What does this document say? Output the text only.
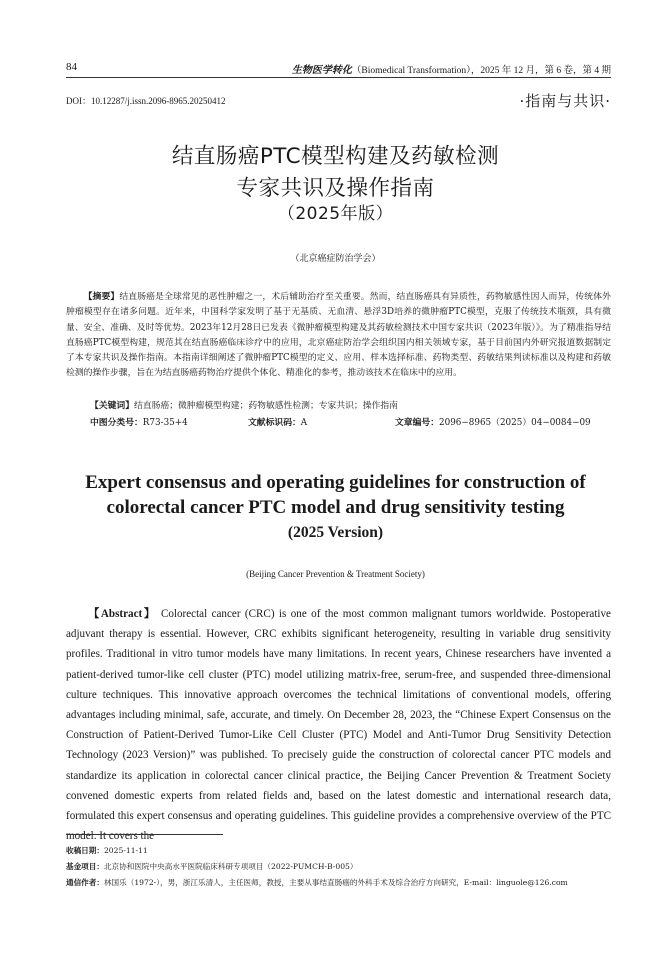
84	生物医学转化（Biomedical Transformation），2025 年 12 月，第 6 卷，第 4 期
DOI：10.12287/j.issn.2096-8965.20250412	·指南与共识·
结直肠癌PTC模型构建及药敏检测
专家共识及操作指南
（2025年版）
（北京癌症防治学会）
【摘要】结直肠癌是全球常见的恶性肿瘤之一，术后辅助治疗至关重要。然而，结直肠癌具有异质性，药物敏感性因人而异，传统体外肿瘤模型存在诸多问题。近年来，中国科学家发明了基于无基质、无血清、悬浮3D培养的微肿瘤PTC模型，克服了传统技术瓶颈，具有微量、安全、准确、及时等优势。2023年12月28日已发表《微肿瘤模型构建及其药敏检测技术中国专家共识（2023年版）》。为了精准指导结直肠癌PTC模型构建，规范其在结直肠癌临床诊疗中的应用，北京癌症防治学会组织国内相关领域专家，基于目前国内外研究报道数据制定了本专家共识及操作指南。本指南详细阐述了微肿瘤PTC模型的定义、应用、样本选择标准、药物类型、药敏结果判读标准以及构建和药敏检测的操作步骤，旨在为结直肠癌药物治疗提供个体化、精准化的参考，推动该技术在临床中的应用。
【关键词】结直肠癌；微肿瘤模型构建；药物敏感性检测；专家共识；操作指南
中图分类号：R73-35+4	文献标识码：A	文章编号：2096−8965（2025）04−0084−09
Expert consensus and operating guidelines for construction of
colorectal cancer PTC model and drug sensitivity testing
(2025 Version)
(Beijing Cancer Prevention & Treatment Society)
【Abstract】 Colorectal cancer (CRC) is one of the most common malignant tumors worldwide. Postoperative adjuvant therapy is essential. However, CRC exhibits significant heterogeneity, resulting in variable drug sensitivity profiles. Traditional in vitro tumor models have many limitations. In recent years, Chinese researchers have invented a patient-derived tumor-like cell cluster (PTC) model utilizing matrix-free, serum-free, and suspended three-dimensional culture techniques. This innovative approach overcomes the technical limitations of conventional models, offering advantages including minimal, safe, accurate, and timely. On December 28, 2023, the “Chinese Expert Consensus on the Construction of Patient-Derived Tumor-Like Cell Cluster (PTC) Model and Anti-Tumor Drug Sensitivity Detection Technology (2023 Version)” was published. To precisely guide the construction of colorectal cancer PTC models and standardize its application in colorectal cancer clinical practice, the Beijing Cancer Prevention & Treatment Society convened domestic experts from related fields and, based on the latest domestic and international research data, formulated this expert consensus and operating guidelines. This guideline provides a comprehensive overview of the PTC model. It covers the
收稿日期：2025-11-11
基金项目：北京协和医院中央高水平医院临床科研专项项目（2022-PUMCH-B-005）
通信作者：林国乐（1972-），男，浙江乐清人，主任医师，教授，主要从事结直肠癌的外科手术及综合治疗方向研究，E-mail：linguole@126.com
